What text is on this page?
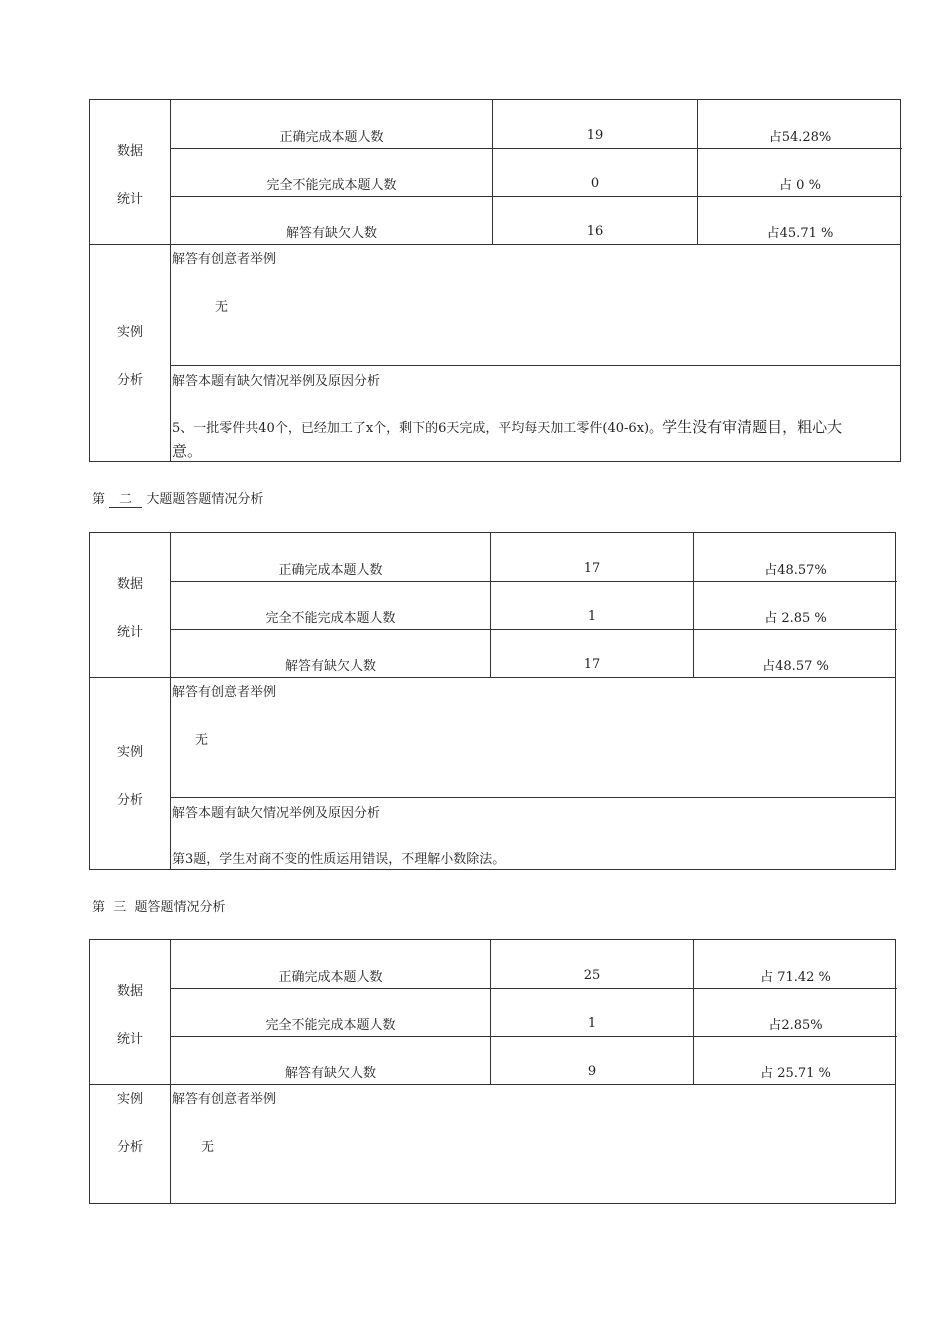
数据
统计
正确完成本题人数	19	占54.28%
完全不能完成本题人数	0	占 0 %
解答有缺欠人数	16	占45.71 %
实例
分析
解答有创意者举例
无
解答本题有缺欠情况举例及原因分析
5、一批零件共40个，已经加工了x个，剩下的6天完成，平均每天加工零件(40-6x)。学生没有审清题目，粗心大
意。
第 二 大题题答题情况分析
数据
统计
正确完成本题人数	17	占48.57%
完全不能完成本题人数	1	占 2.85 %
解答有缺欠人数	17	占48.57 %
实例
分析
解答有创意者举例
无
解答本题有缺欠情况举例及原因分析
第3题，学生对商不变的性质运用错误，不理解小数除法。
第  三  题答题情况分析
数据
统计
正确完成本题人数	25	占 71.42 %
完全不能完成本题人数	1	占2.85%
解答有缺欠人数	9	占 25.71 %
实例
分析
解答有创意者举例
无
